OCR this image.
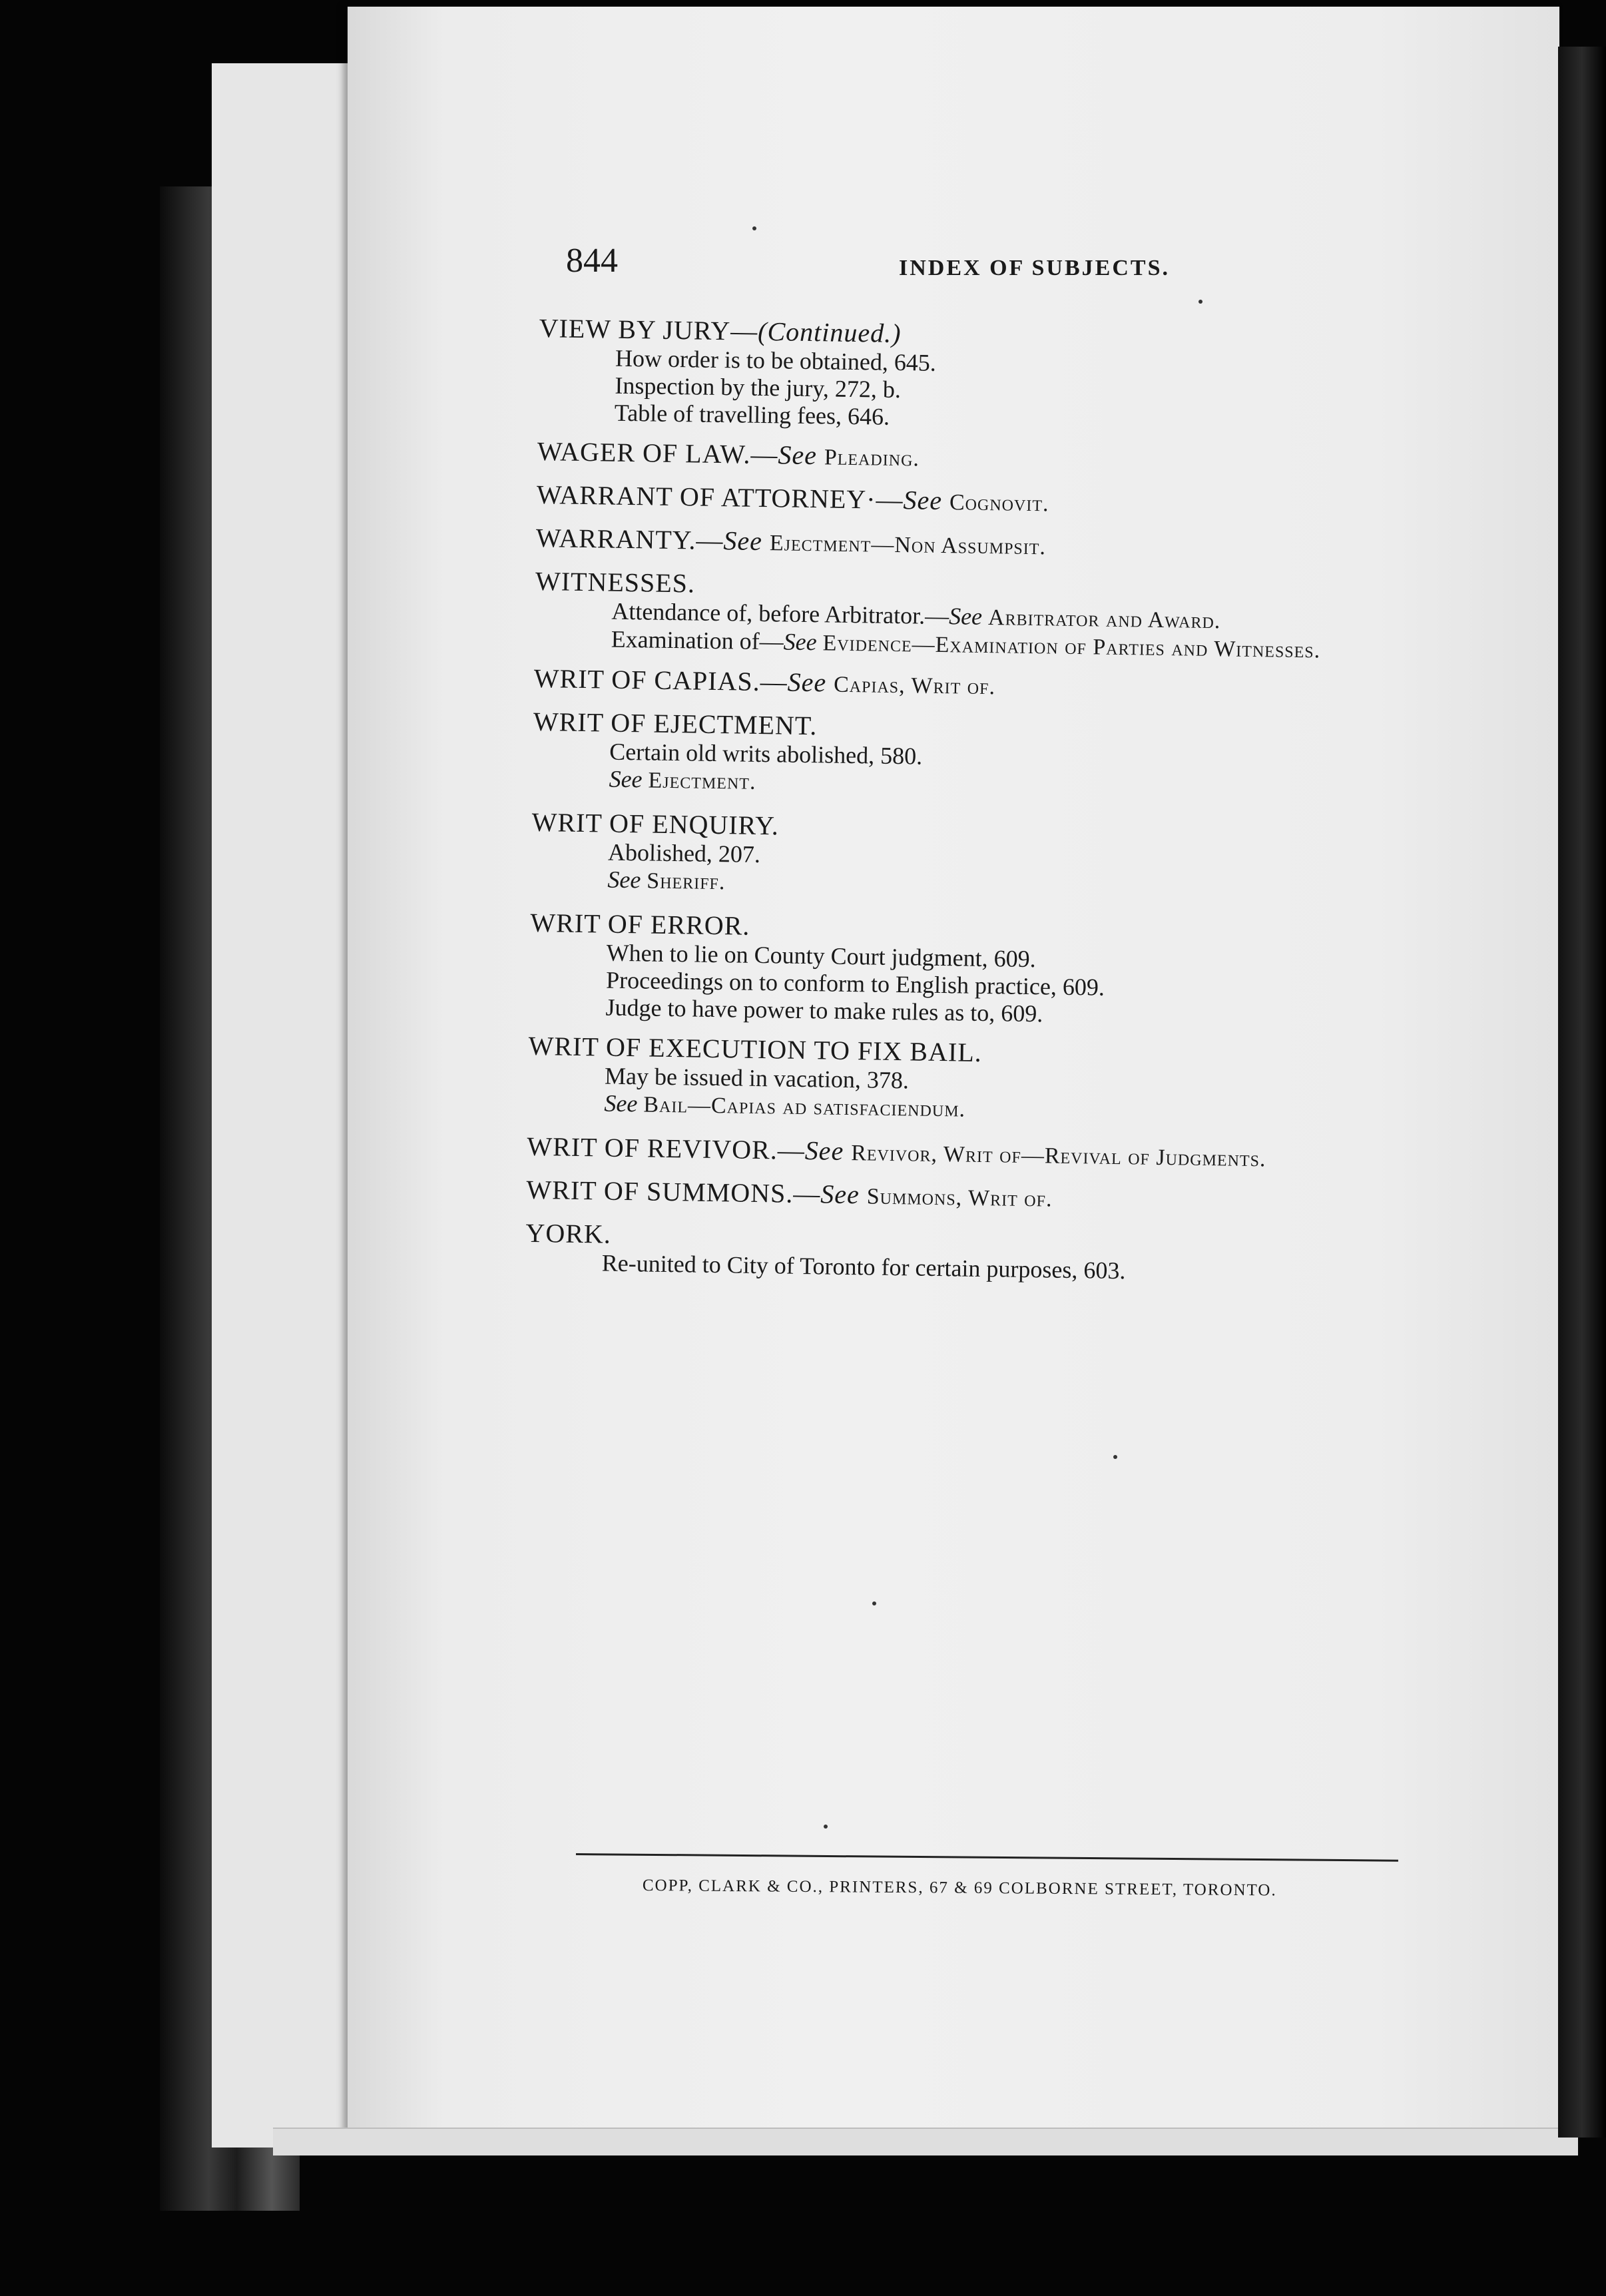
844	INDEX OF SUBJECTS.
VIEW BY JURY—(Continued.)
How order is to be obtained, 645.
Inspection by the jury, 272, b.
Table of travelling fees, 646.
WAGER OF LAW.—See Pleading.
WARRANT OF ATTORNEY·—See Cognovit.
WARRANTY.—See Ejectment—Non Assumpsit.
WITNESSES.
Attendance of, before Arbitrator.—See Arbitrator and Award.
Examination of—See Evidence—Examination of Parties and Witnesses.
WRIT OF CAPIAS.—See Capias, Writ of.
WRIT OF EJECTMENT.
Certain old writs abolished, 580.
See Ejectment.
WRIT OF ENQUIRY.
Abolished, 207.
See Sheriff.
WRIT OF ERROR.
When to lie on County Court judgment, 609.
Proceedings on to conform to English practice, 609.
Judge to have power to make rules as to, 609.
WRIT OF EXECUTION TO FIX BAIL.
May be issued in vacation, 378.
See Bail—Capias ad satisfaciendum.
WRIT OF REVIVOR.—See Revivor, Writ of—Revival of Judgments.
WRIT OF SUMMONS.—See Summons, Writ of.
YORK.
Re-united to City of Toronto for certain purposes, 603.
COPP, CLARK & CO., PRINTERS, 67 & 69 COLBORNE STREET, TORONTO.
